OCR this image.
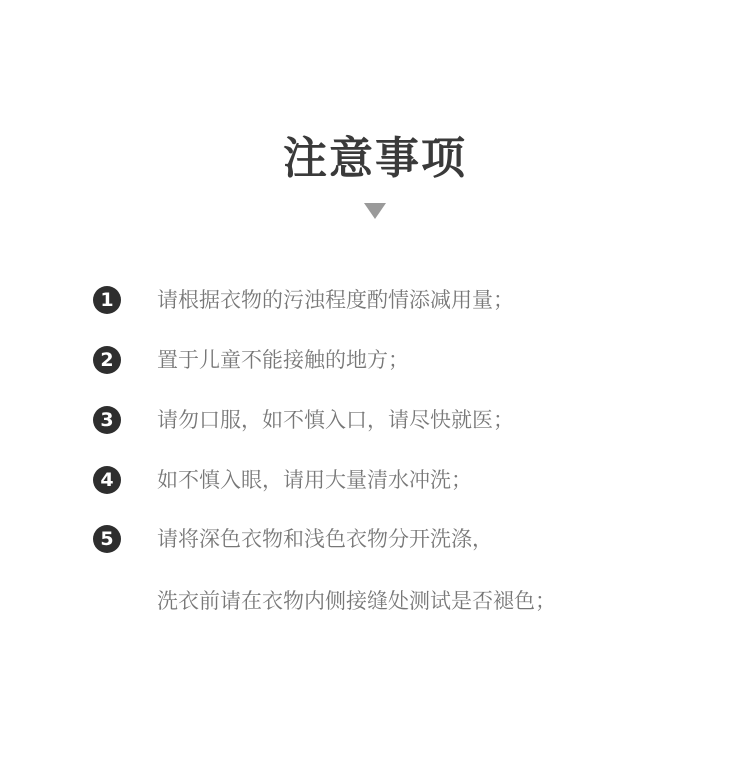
注意事项
1	请根据衣物的污浊程度酌情添减用量；
2	置于儿童不能接触的地方；
3	请勿口服，如不慎入口，请尽快就医；
4	如不慎入眼，请用大量清水冲洗；
5	请将深色衣物和浅色衣物分开洗涤，
洗衣前请在衣物内侧接缝处测试是否褪色；
